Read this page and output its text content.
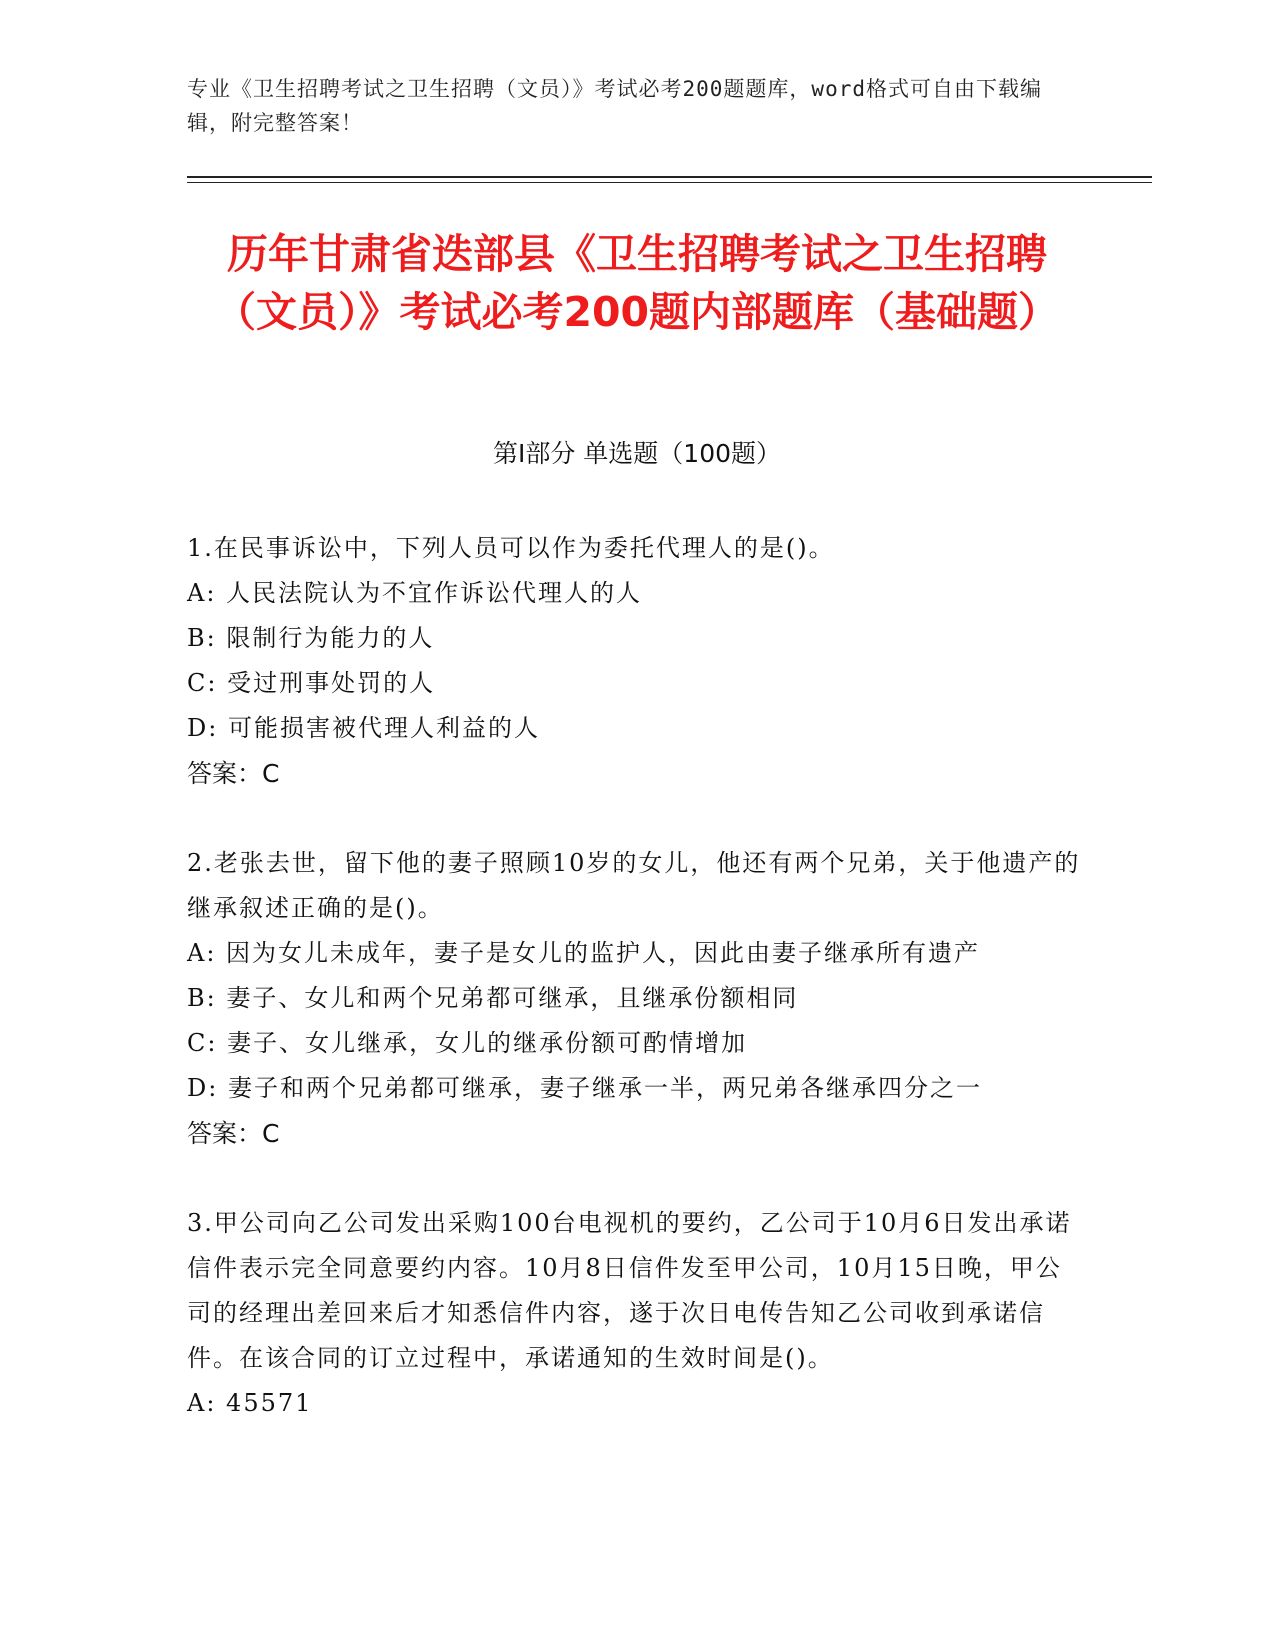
专业《卫生招聘考试之卫生招聘（文员）》考试必考200题题库，word格式可自由下载编辑，附完整答案！
历年甘肃省迭部县《卫生招聘考试之卫生招聘（文员）》考试必考200题内部题库（基础题）
第I部分 单选题（100题）
1.在民事诉讼中，下列人员可以作为委托代理人的是()。
A: 人民法院认为不宜作诉讼代理人的人
B: 限制行为能力的人
C: 受过刑事处罚的人
D: 可能损害被代理人利益的人
答案：C
2.老张去世，留下他的妻子照顾10岁的女儿，他还有两个兄弟，关于他遗产的继承叙述正确的是()。
A: 因为女儿未成年，妻子是女儿的监护人，因此由妻子继承所有遗产
B: 妻子、女儿和两个兄弟都可继承，且继承份额相同
C: 妻子、女儿继承，女儿的继承份额可酌情增加
D: 妻子和两个兄弟都可继承，妻子继承一半，两兄弟各继承四分之一
答案：C
3.甲公司向乙公司发出采购100台电视机的要约，乙公司于10月6日发出承诺信件表示完全同意要约内容。10月8日信件发至甲公司，10月15日晚，甲公司的经理出差回来后才知悉信件内容，遂于次日电传告知乙公司收到承诺信件。在该合同的订立过程中，承诺通知的生效时间是()。
A: 45571
